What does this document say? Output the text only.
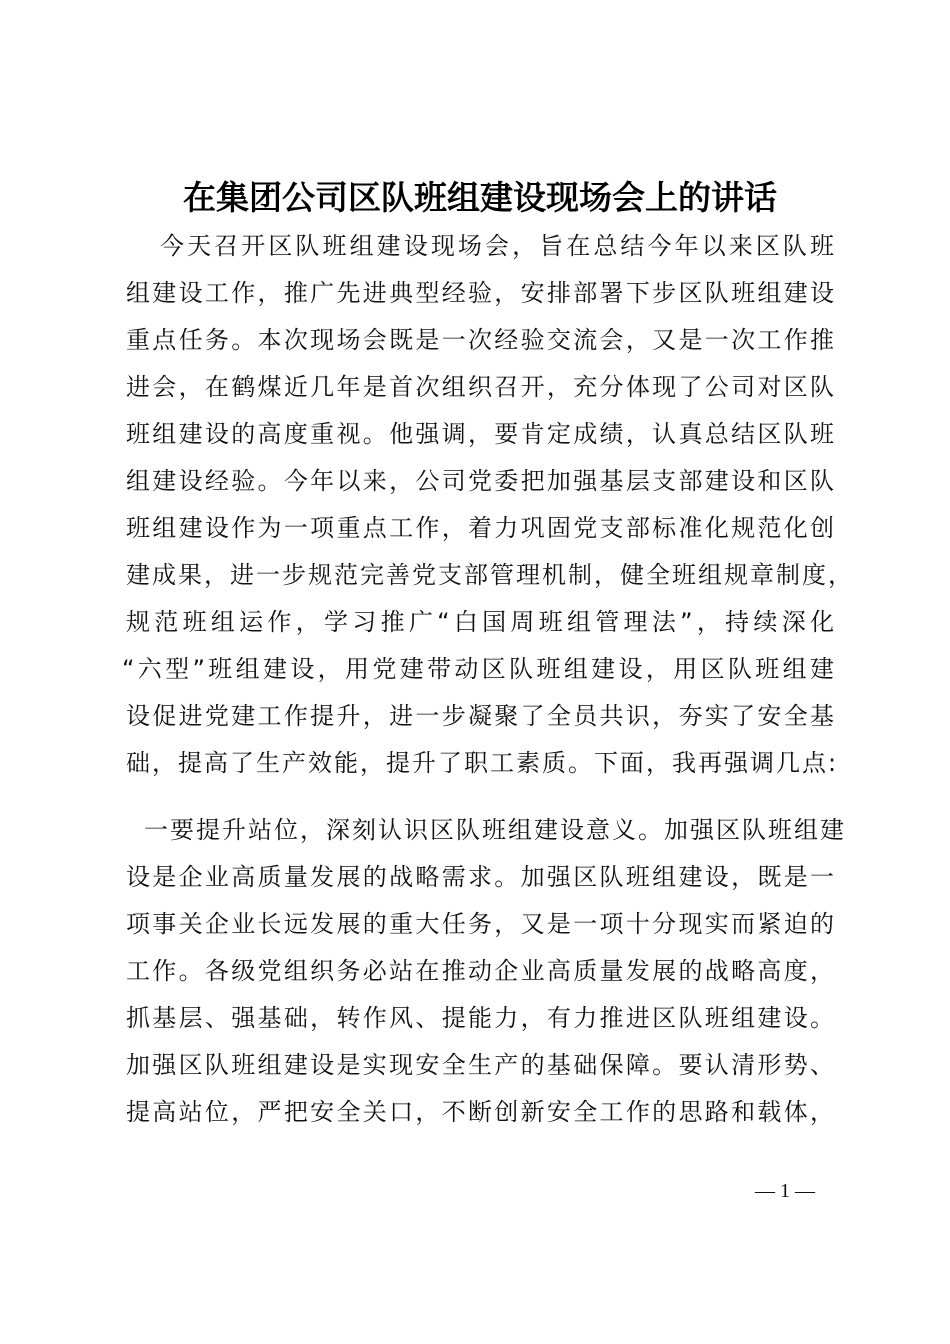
在集团公司区队班组建设现场会上的讲话
今天召开区队班组建设现场会，旨在总结今年以来区队班
组建设工作，推广先进典型经验，安排部署下步区队班组建设
重点任务。本次现场会既是一次经验交流会，又是一次工作推
进会，在鹤煤近几年是首次组织召开，充分体现了公司对区队
班组建设的高度重视。他强调，要肯定成绩，认真总结区队班
组建设经验。今年以来，公司党委把加强基层支部建设和区队
班组建设作为一项重点工作，着力巩固党支部标准化规范化创
建成果，进一步规范完善党支部管理机制，健全班组规章制度，
规范班组运作，学习推广“白国周班组管理法”，持续深化
“六型”班组建设，用党建带动区队班组建设，用区队班组建
设促进党建工作提升，进一步凝聚了全员共识，夯实了安全基
础，提高了生产效能，提升了职工素质。下面，我再强调几点:
一要提升站位，深刻认识区队班组建设意义。加强区队班组建
设是企业高质量发展的战略需求。加强区队班组建设，既是一
项事关企业长远发展的重大任务，又是一项十分现实而紧迫的
工作。各级党组织务必站在推动企业高质量发展的战略高度，
抓基层、强基础，转作风、提能力，有力推进区队班组建设。
加强区队班组建设是实现安全生产的基础保障。要认清形势、
提高站位，严把安全关口，不断创新安全工作的思路和载体，
— 1 —
